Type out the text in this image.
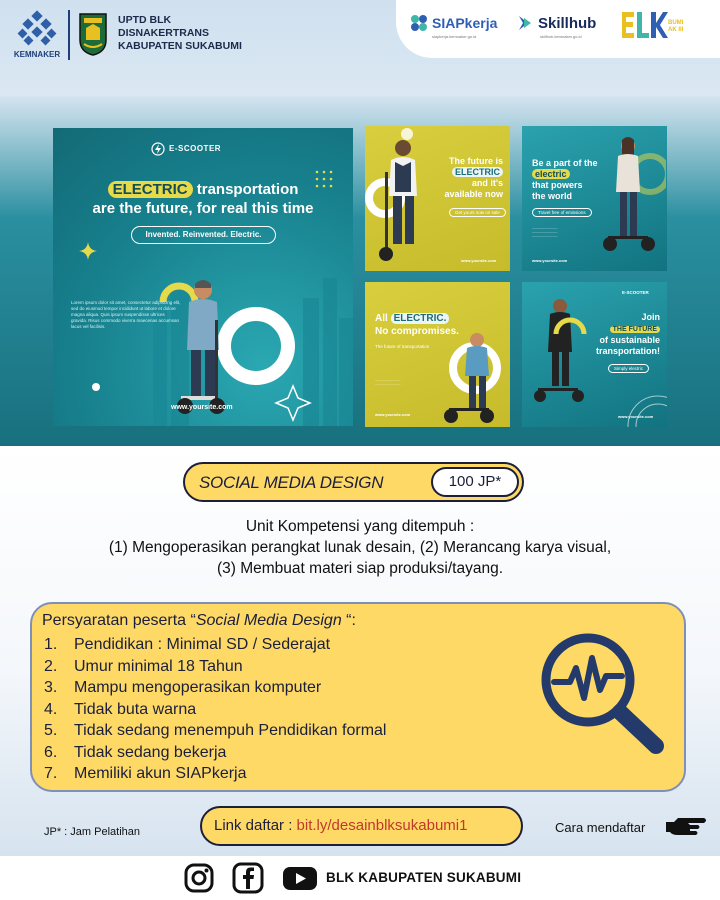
KEMNAKER
UPTD BLK
DISNAKERTRANS
KABUPATEN SUKABUMI
SIAPkerja
siapkerja.kemnaker.go.id
Skillhub
skillhub.kemnaker.go.id
BUMI
AK III
E-SCOOTER
ELECTRIC transportation
are the future, for real this time
Invented. Reinvented. Electric.
Lorem ipsum dolor sit amet, consectetur adipiscing elit, sed do eiusmod tempor incididunt ut labore et dolore magna aliqua. Quis ipsum suspendisse ultrices gravida. Risus commodo viverra maecenas accumsan lacus vel facilisis.
www.yoursite.com
The future is
ELECTRIC
and it's
available now
Get yours now on sale
www.yoursite.com
Be a part of the
electric
that powers
the world
Travel free of emissions
────────────
────────────
────────────
www.yoursite.com
All ELECTRIC.
No compromises.
The future of transportation
────────────
────────────
www.yoursite.com
E-SCOOTER
Join
THE FUTURE
of sustainable
transportation!
Simply electric
www.yoursite.com
SOCIAL MEDIA DESIGN	100 JP*
Unit Kompetensi yang ditempuh :
(1) Mengoperasikan perangkat lunak desain, (2) Merancang karya visual,
(3) Membuat materi siap produksi/tayang.
Persyaratan peserta “Social Media Design “:
1.	Pendidikan : Minimal SD / Sederajat
2.	Umur minimal 18 Tahun
3.	Mampu mengoperasikan komputer
4.	Tidak buta warna
5.	Tidak sedang menempuh Pendidikan formal
6.	Tidak sedang bekerja
7.	Memiliki akun SIAPkerja
JP* : Jam Pelatihan	Link daftar : bit.ly/desainblksukabumi1	Cara mendaftar
BLK KABUPATEN SUKABUMI
